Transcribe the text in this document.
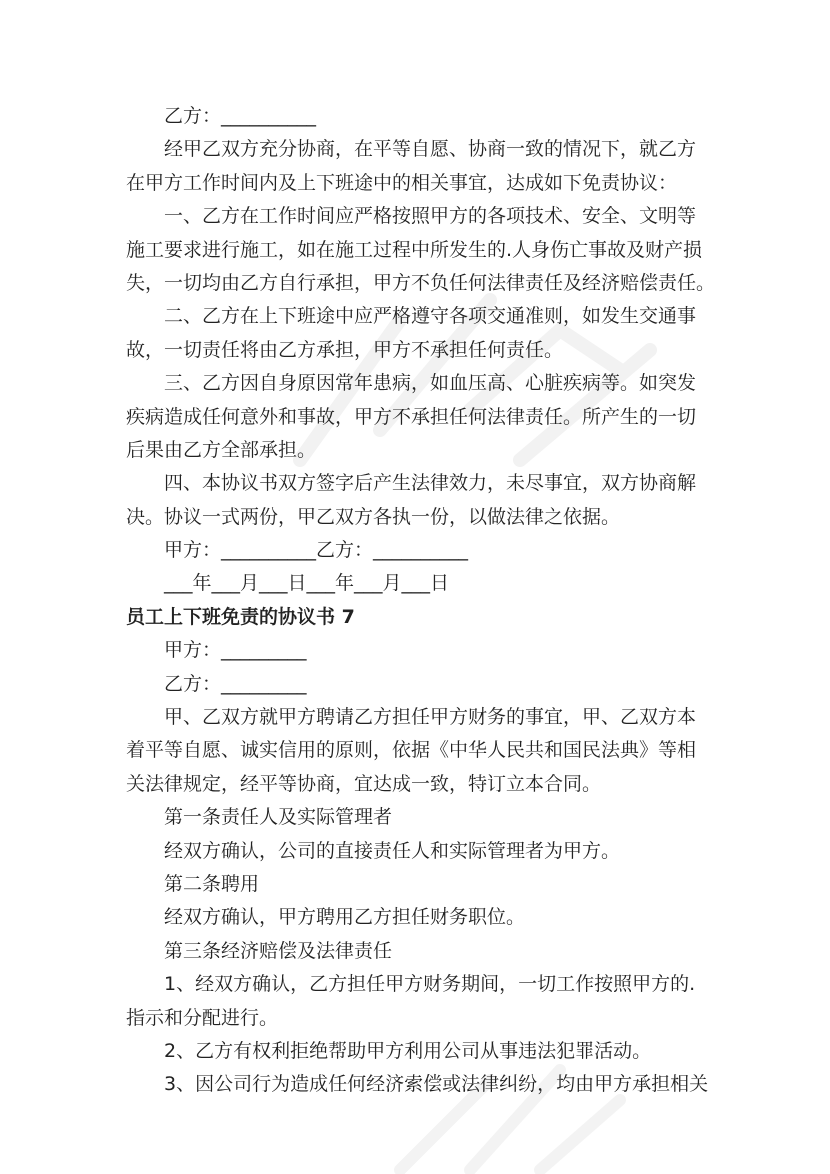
乙方：__________

经甲乙双方充分协商，在平等自愿、协商一致的情况下，就乙方

在甲方工作时间内及上下班途中的相关事宜，达成如下免责协议：

一、乙方在工作时间应严格按照甲方的各项技术、安全、文明等

施工要求进行施工，如在施工过程中所发生的.人身伤亡事故及财产损

失，一切均由乙方自行承担，甲方不负任何法律责任及经济赔偿责任。

二、乙方在上下班途中应严格遵守各项交通准则，如发生交通事

故，一切责任将由乙方承担，甲方不承担任何责任。

三、乙方因自身原因常年患病，如血压高、心脏疾病等。如突发

疾病造成任何意外和事故，甲方不承担任何法律责任。所产生的一切

后果由乙方全部承担。

四、本协议书双方签字后产生法律效力，未尽事宜，双方协商解

决。协议一式两份，甲乙双方各执一份，以做法律之依据。

甲方：__________乙方：__________

___年___月___日___年___月___日

员工上下班免责的协议书 7

甲方：_________

乙方：_________

甲、乙双方就甲方聘请乙方担任甲方财务的事宜，甲、乙双方本

着平等自愿、诚实信用的原则，依据《中华人民共和国民法典》等相

关法律规定，经平等协商，宜达成一致，特订立本合同。

第一条责任人及实际管理者

经双方确认，公司的直接责任人和实际管理者为甲方。

第二条聘用

经双方确认，甲方聘用乙方担任财务职位。

第三条经济赔偿及法律责任

1、经双方确认，乙方担任甲方财务期间，一切工作按照甲方的.

指示和分配进行。

2、乙方有权利拒绝帮助甲方利用公司从事违法犯罪活动。

3、因公司行为造成任何经济索偿或法律纠纷，均由甲方承担相关
